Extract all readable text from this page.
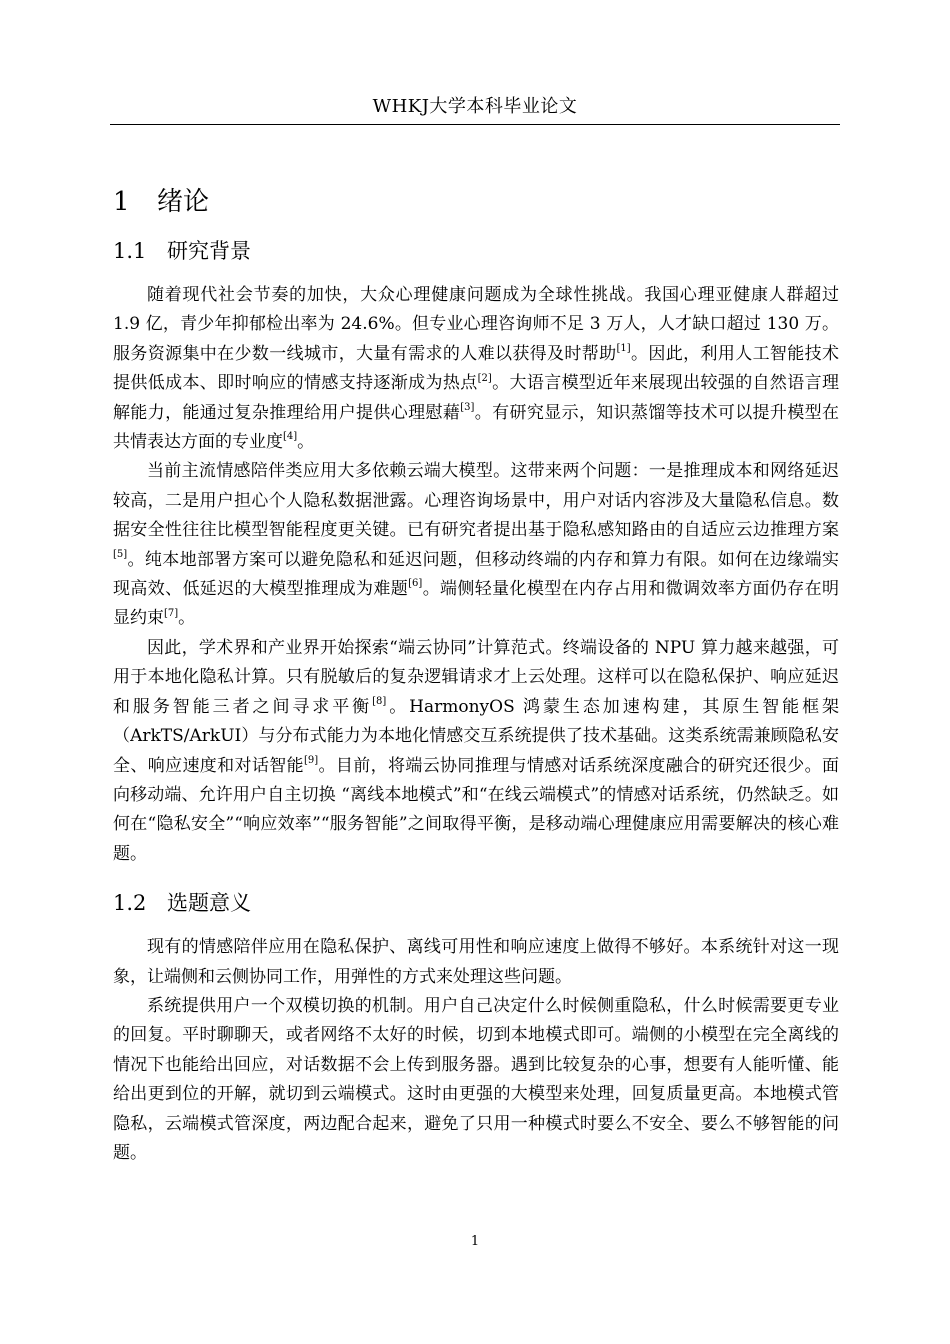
WHKJ大学本科毕业论文
1 绪论
1.1 研究背景

随着现代社会节奏的加快，大众心理健康问题成为全球性挑战。我国心理亚健康人群超过 1.9 亿，青少年抑郁检出率为 24.6%。但专业心理咨询师不足 3 万人，人才缺口超过 130 万。服务资源集中在少数一线城市，大量有需求的人难以获得及时帮助[1]。因此，利用人工智能技术提供低成本、即时响应的情感支持逐渐成为热点[2]。大语言模型近年来展现出较强的自然语言理解能力，能通过复杂推理给用户提供心理慰藉[3]。有研究显示，知识蒸馏等技术可以提升模型在共情表达方面的专业度[4]。

当前主流情感陪伴类应用大多依赖云端大模型。这带来两个问题：一是推理成本和网络延迟较高，二是用户担心个人隐私数据泄露。心理咨询场景中，用户对话内容涉及大量隐私信息。数据安全性往往比模型智能程度更关键。已有研究者提出基于隐私感知路由的自适应云边推理方案[5]。纯本地部署方案可以避免隐私和延迟问题，但移动终端的内存和算力有限。如何在边缘端实现高效、低延迟的大模型推理成为难题[6]。端侧轻量化模型在内存占用和微调效率方面仍存在明显约束[7]。

因此，学术界和产业界开始探索“端云协同”计算范式。终端设备的 NPU 算力越来越强，可用于本地化隐私计算。只有脱敏后的复杂逻辑请求才上云处理。这样可以在隐私保护、响应延迟和服务智能三者之间寻求平衡[8]。HarmonyOS 鸿蒙生态加速构建，其原生智能框架（ArkTS/ArkUI）与分布式能力为本地化情感交互系统提供了技术基础。这类系统需兼顾隐私安全、响应速度和对话智能[9]。目前，将端云协同推理与情感对话系统深度融合的研究还很少。面向移动端、允许用户自主切换 “离线本地模式”和“在线云端模式”的情感对话系统，仍然缺乏。如何在“隐私安全”“响应效率”“服务智能”之间取得平衡，是移动端心理健康应用需要解决的核心难题。

1.2 选题意义

现有的情感陪伴应用在隐私保护、离线可用性和响应速度上做得不够好。本系统针对这一现象，让端侧和云侧协同工作，用弹性的方式来处理这些问题。

系统提供用户一个双模切换的机制。用户自己决定什么时候侧重隐私，什么时候需要更专业的回复。平时聊聊天，或者网络不太好的时候，切到本地模式即可。端侧的小模型在完全离线的情况下也能给出回应，对话数据不会上传到服务器。遇到比较复杂的心事，想要有人能听懂、能给出更到位的开解，就切到云端模式。这时由更强的大模型来处理，回复质量更高。本地模式管隐私，云端模式管深度，两边配合起来，避免了只用一种模式时要么不安全、要么不够智能的问题。

1
